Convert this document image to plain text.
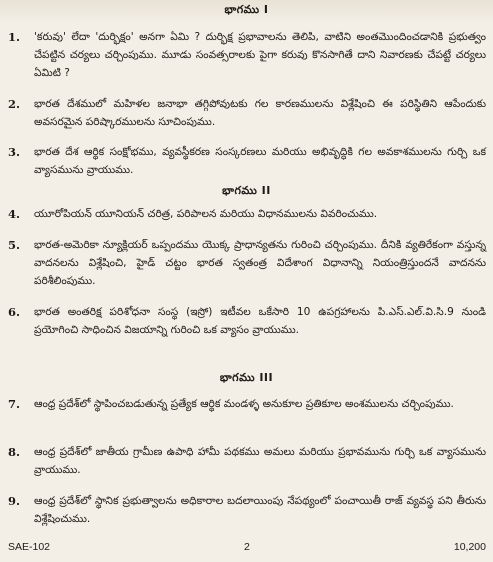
భాగము I
1. 'కరువు' లేదా 'దుర్భిక్షం' అనగా ఏమి ? దుర్భిక్ష ప్రభావాలను తెలిపి, వాటిని అంతమొందించడానికి ప్రభుత్వం చేపట్టిన చర్యలు చర్చింపుము. మూడు సంవత్సరాలకు పైగా కరువు కొనసాగితే దాని నివారణకు చేపట్టే చర్యలు ఏమిటి ?
2. భారత దేశములో మహిళల జనాభా తగ్గిపోవుటకు గల కారణములను విశ్లేషించి ఈ పరిస్థితిని ఆపేందుకు అవసరమైన పరిష్కారములను సూచింపుము.
3. భారత దేశ ఆర్థిక సంక్షోభము, వ్యవస్థీకరణ సంస్కరణలు మరియు అభివృద్ధికి గల అవకాశములను గుర్చి ఒక వ్యాసమును వ్రాయుము.
భాగము II
4. యూరోపియన్ యూనియన్ చరిత్ర, పరిపాలన మరియు విధానములను వివరించుము.
5. భారత-అమెరికా న్యూక్లియర్ ఒప్పందము యొక్క ప్రాధాన్యతను గురించి చర్చింపుము. దీనికి వ్యతిరేకంగా వస్తున్న వాదనలను విశ్లేషించి, హైడ్ చట్టం భారత స్వతంత్ర విదేశాంగ విధానాన్ని నియంత్రిస్తుందనే వాదనను పరిశీలింపుము.
6. భారత అంతరిక్ష పరిశోధనా సంస్థ (ఇస్రో) ఇటీవల ఒకేసారి 10 ఉపగ్రహాలను పి.ఎస్.ఎల్.వి.సి.9 నుండి ప్రయోగించి సాధించిన విజయాన్ని గురించి ఒక వ్యాసం వ్రాయుము.
భాగము III
7. ఆంధ్ర ప్రదేశ్‌లో స్థాపించబడుతున్న ప్రత్యేక ఆర్థిక మండళ్ళ అనుకూల ప్రతికూల అంశములను చర్చింపుము.
8. ఆంధ్ర ప్రదేశ్‌లో జాతీయ గ్రామీణ ఉపాధి హామీ పథకము అమలు మరియు ప్రభావమును గుర్చి ఒక వ్యాసమును వ్రాయుము.
9. ఆంధ్ర ప్రదేశ్‌లో స్థానిక ప్రభుత్వాలను అధికారాల బదలాయింపు నేపథ్యంలో పంచాయితీ రాజ్ వ్యవస్థ పని తీరును విశ్లేషించుము.
SAE-102	2	10,200
